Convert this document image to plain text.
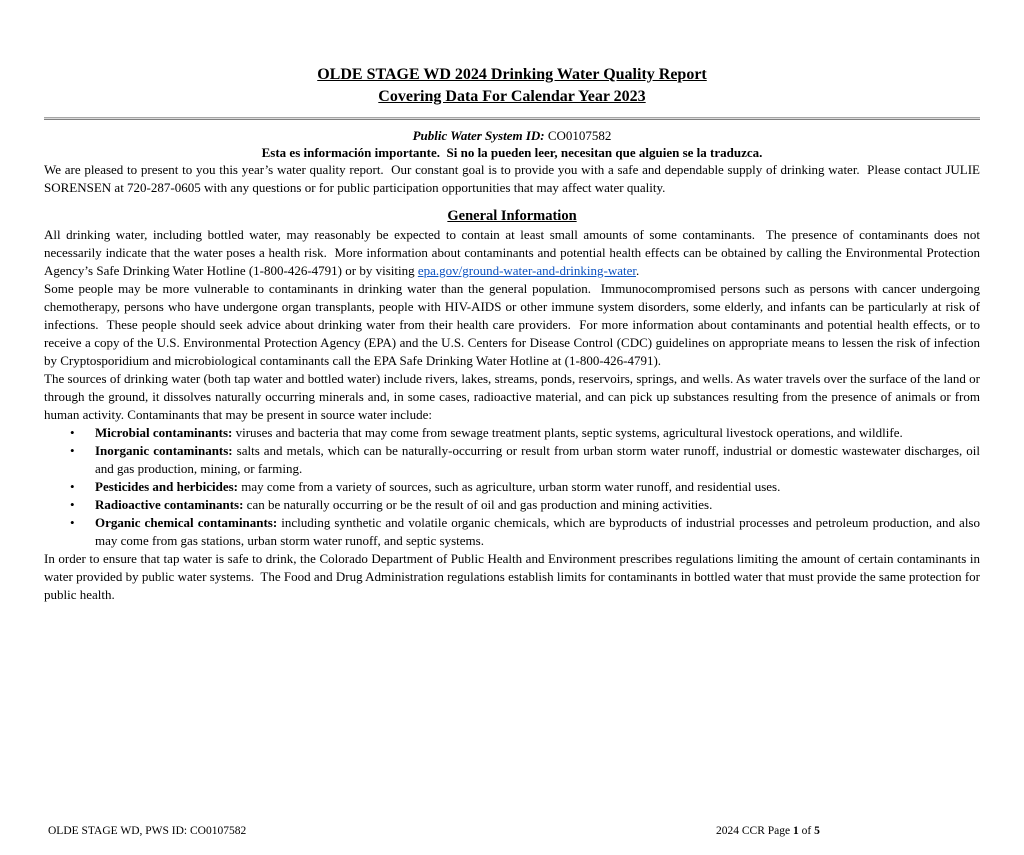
OLDE STAGE WD 2024 Drinking Water Quality Report
Covering Data For Calendar Year 2023

Public Water System ID: CO0107582

Esta es información importante.  Si no la pueden leer, necesitan que alguien se la traduzca.

We are pleased to present to you this year’s water quality report.  Our constant goal is to provide you with a safe and dependable supply of drinking water.  Please contact JULIE SORENSEN at 720-287-0605 with any questions or for public participation opportunities that may affect water quality.

General Information

All drinking water, including bottled water, may reasonably be expected to contain at least small amounts of some contaminants.  The presence of contaminants does not necessarily indicate that the water poses a health risk.  More information about contaminants and potential health effects can be obtained by calling the Environmental Protection Agency’s Safe Drinking Water Hotline (1-800-426-4791) or by visiting epa.gov/ground-water-and-drinking-water.

Some people may be more vulnerable to contaminants in drinking water than the general population.  Immunocompromised persons such as persons with cancer undergoing chemotherapy, persons who have undergone organ transplants, people with HIV-AIDS or other immune system disorders, some elderly, and infants can be particularly at risk of infections.  These people should seek advice about drinking water from their health care providers.  For more information about contaminants and potential health effects, or to receive a copy of the U.S. Environmental Protection Agency (EPA) and the U.S. Centers for Disease Control (CDC) guidelines on appropriate means to lessen the risk of infection by Cryptosporidium and microbiological contaminants call the EPA Safe Drinking Water Hotline at (1-800-426-4791).

The sources of drinking water (both tap water and bottled water) include rivers, lakes, streams, ponds, reservoirs, springs, and wells. As water travels over the surface of the land or through the ground, it dissolves naturally occurring minerals and, in some cases, radioactive material, and can pick up substances resulting from the presence of animals or from human activity. Contaminants that may be present in source water include:

• Microbial contaminants: viruses and bacteria that may come from sewage treatment plants, septic systems, agricultural livestock operations, and wildlife.
• Inorganic contaminants: salts and metals, which can be naturally-occurring or result from urban storm water runoff, industrial or domestic wastewater discharges, oil and gas production, mining, or farming.
• Pesticides and herbicides: may come from a variety of sources, such as agriculture, urban storm water runoff, and residential uses.
• Radioactive contaminants: can be naturally occurring or be the result of oil and gas production and mining activities.
• Organic chemical contaminants: including synthetic and volatile organic chemicals, which are byproducts of industrial processes and petroleum production, and also may come from gas stations, urban storm water runoff, and septic systems.

In order to ensure that tap water is safe to drink, the Colorado Department of Public Health and Environment prescribes regulations limiting the amount of certain contaminants in water provided by public water systems.  The Food and Drug Administration regulations establish limits for contaminants in bottled water that must provide the same protection for public health.

OLDE STAGE WD, PWS ID: CO0107582	2024 CCR Page 1 of 5
